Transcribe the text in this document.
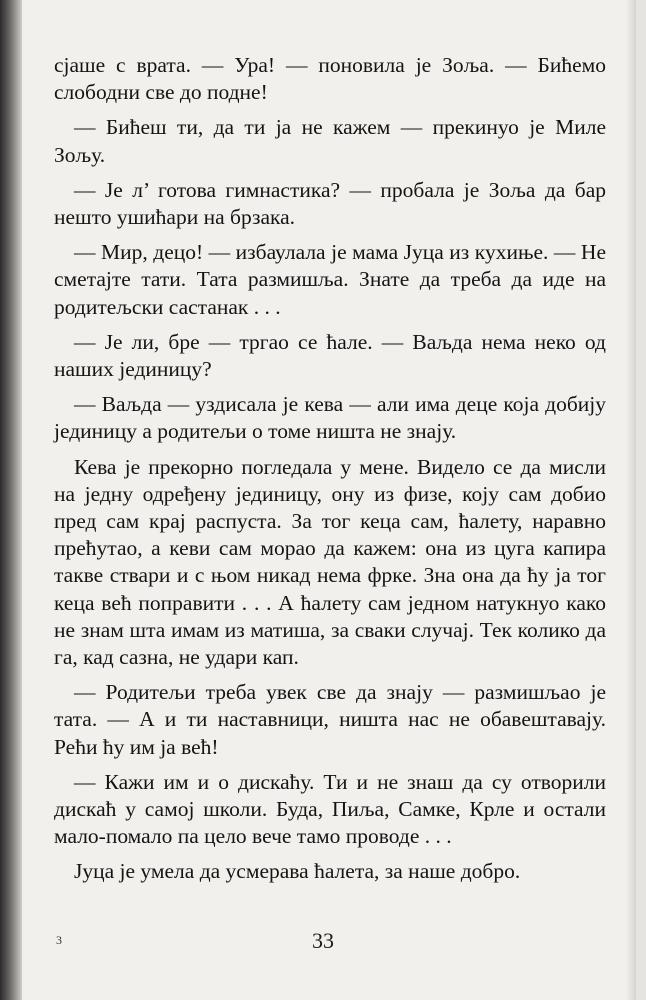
сјаше с врата. — Ура! — поновила је Зоља. — Бићемо слободни све до подне!

— Бићеш ти, да ти ја не кажем — прекинуо је Миле Зољу.

— Је л’ готова гимнастика? — пробала је Зоља да бар нешто ушићари на брзака.

— Мир, децо! — избаулала је мама Јуца из кухиње. — Не сметајте тати. Тата размишља. Знате да треба да иде на родитељски састанак . . .

— Је ли, бре — тргао се ћале. — Ваљда нема неко од наших јединицу?

— Ваљда — уздисала је кева — али има деце која добију јединицу а родитељи о томе ништа не знају.

Кева је прекорно погледала у мене. Видело се да мисли на једну одређену јединицу, ону из физе, коју сам добио пред сам крај распуста. За тог кеца сам, ћалету, наравно прећутао, а кеви сам морао да кажем: она из цуга капира такве ствари и с њом никад нема фрке. Зна она да ћу ја тог кеца већ поправити . . . А ћалету сам једном натукнуо како не знам шта имам из матиша, за сваки случај. Тек колико да га, кад сазна, не удари кап.

— Родитељи треба увек све да знају — размишљао је тата. — А и ти наставници, ништа нас не обавештавају. Рећи ћу им ја већ!

— Кажи им и о дискаћу. Ти и не знаш да су отворили дискаћ у самој школи. Буда, Пиља, Самке, Крле и остали мало-помало па цело вече тамо проводе . . .

Јуца је умела да усмерава ћалета, за наше добро.

3	33
